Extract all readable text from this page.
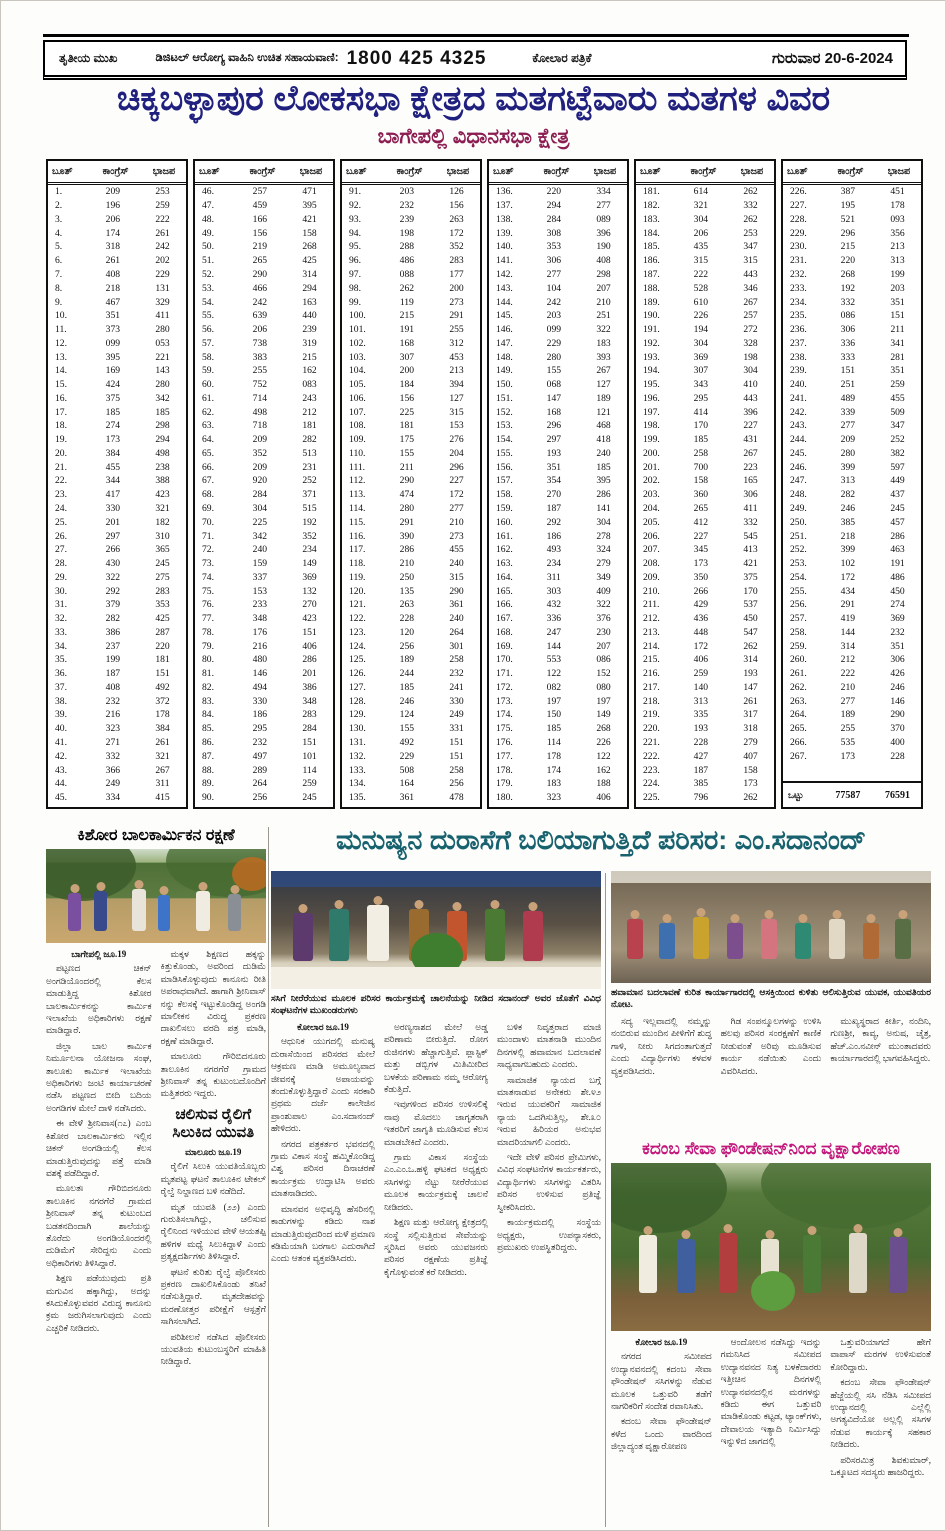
ತೃತೀಯ ಮುಖ	ಡಿಜಿಟಲ್ ಆರೋಗ್ಯ ವಾಹಿನಿ ಉಚಿತ ಸಹಾಯವಾಣಿ: 1800 425 4325	ಕೋಲಾರ ಪತ್ರಿಕೆ	ಗುರುವಾರ 20-6-2024
ಚಿಕ್ಕಬಳ್ಳಾಪುರ ಲೋಕಸಭಾ ಕ್ಷೇತ್ರದ ಮತಗಟ್ಟೆವಾರು ಮತಗಳ ವಿವರ
ಬಾಗೇಪಲ್ಲಿ ವಿಧಾನಸಭಾ ಕ್ಷೇತ್ರ
ಬೂತ್	ಕಾಂಗ್ರೆಸ್	ಭಾಜಪ
1.	209	253
2.	196	259
3.	206	222
4.	174	261
5.	318	242
6.	261	202
7.	408	229
8.	218	131
9.	467	329
10.	351	411
11.	373	280
12.	099	053
13.	395	221
14.	169	143
15.	424	280
16.	375	342
17.	185	185
18.	274	298
19.	173	294
20.	384	498
21.	455	238
22.	344	388
23.	417	423
24.	330	321
25.	201	182
26.	297	310
27.	266	365
28.	430	245
29.	322	275
30.	292	283
31.	379	353
32.	282	425
33.	386	287
34.	237	220
35.	199	181
36.	187	151
37.	408	492
38.	232	372
39.	216	178
40.	323	384
41.	271	261
42.	332	321
43.	366	267
44.	249	311
45.	334	415
ಬೂತ್	ಕಾಂಗ್ರೆಸ್	ಭಾಜಪ
46.	257	471
47.	459	395
48.	166	421
49.	156	158
50.	219	268
51.	265	425
52.	290	314
53.	466	294
54.	242	163
55.	639	440
56.	206	239
57.	738	319
58.	383	215
59.	255	162
60.	752	083
61.	714	243
62.	498	212
63.	718	181
64.	209	282
65.	352	513
66.	209	231
67.	920	252
68.	284	371
69.	304	515
70.	225	192
71.	342	352
72.	240	234
73.	159	149
74.	337	369
75.	153	132
76.	233	270
77.	348	423
78.	176	151
79.	216	406
80.	480	286
81.	146	201
82.	494	386
83.	330	348
84.	186	283
85.	295	284
86.	232	151
87.	497	101
88.	289	114
89.	264	259
90.	256	245
ಬೂತ್	ಕಾಂಗ್ರೆಸ್	ಭಾಜಪ
91.	203	126
92.	232	156
93.	239	263
94.	198	172
95.	288	352
96.	486	283
97.	088	177
98.	262	200
99.	119	273
100.	215	291
101.	191	255
102.	168	312
103.	307	453
104.	200	213
105.	184	394
106.	156	127
107.	225	315
108.	181	153
109.	175	276
110.	155	204
111.	211	296
112.	290	227
113.	474	172
114.	280	277
115.	291	210
116.	390	273
117.	286	455
118.	210	240
119.	250	315
120.	135	290
121.	263	361
122.	228	240
123.	120	264
124.	256	301
125.	189	258
126.	244	232
127.	185	241
128.	246	330
129.	124	249
130.	155	331
131.	492	151
132.	229	151
133.	508	258
134.	164	256
135.	361	478
ಬೂತ್	ಕಾಂಗ್ರೆಸ್	ಭಾಜಪ
136.	220	334
137.	294	277
138.	284	089
139.	308	396
140.	353	190
141.	306	408
142.	277	298
143.	104	207
144.	242	210
145.	203	251
146.	099	322
147.	229	183
148.	280	393
149.	155	267
150.	068	127
151.	147	189
152.	168	121
153.	296	468
154.	297	418
155.	193	240
156.	351	185
157.	354	395
158.	270	286
159.	187	141
160.	292	304
161.	186	278
162.	493	324
163.	234	279
164.	311	349
165.	303	409
166.	432	322
167.	336	376
168.	247	230
169.	144	207
170.	553	086
171.	122	152
172.	082	080
173.	197	197
174.	150	149
175.	185	268
176.	114	226
177.	178	122
178.	174	162
179.	183	188
180.	323	406
ಬೂತ್	ಕಾಂಗ್ರೆಸ್	ಭಾಜಪ
181.	614	262
182.	321	332
183.	304	262
184.	206	253
185.	435	347
186.	315	315
187.	222	443
188.	528	346
189.	610	267
190.	226	257
191.	194	272
192.	304	328
193.	369	198
194.	307	304
195.	343	410
196.	295	443
197.	414	396
198.	170	227
199.	185	431
200.	258	267
201.	700	223
202.	158	165
203.	360	306
204.	265	411
205.	412	332
206.	227	545
207.	345	413
208.	173	421
209.	350	375
210.	266	170
211.	429	537
212.	436	450
213.	448	547
214.	172	262
215.	406	314
216.	259	193
217.	140	147
218.	313	261
219.	335	317
220.	193	318
221.	228	279
222.	427	407
223.	187	158
224.	385	173
225.	796	262
ಬೂತ್	ಕಾಂಗ್ರೆಸ್	ಭಾಜಪ
226.	387	451
227.	195	178
228.	521	093
229.	296	356
230.	215	213
231.	220	313
232.	268	199
233.	192	203
234.	332	351
235.	086	151
236.	306	211
237.	336	341
238.	333	281
239.	151	351
240.	251	259
241.	489	455
242.	339	509
243.	277	347
244.	209	252
245.	280	382
246.	399	597
247.	313	449
248.	282	437
249.	246	245
250.	385	457
251.	218	286
252.	399	463
253.	102	191
254.	172	486
255.	434	450
256.	291	274
257.	419	369
258.	144	232
259.	314	351
260.	212	306
261.	222	426
262.	210	246
263.	277	146
264.	189	290
265.	255	370
266.	535	400
267.	173	228
ಒಟ್ಟು	77587	76591
ಕಿಶೋರ ಬಾಲಕಾರ್ಮಿಕನ ರಕ್ಷಣೆ

ಬಾಗೇಪಲ್ಲಿ ಜೂ.19

ಪಟ್ಟಣದ ಚಿಕನ್ ಅಂಗಡಿಯೊಂದರಲ್ಲಿ ಕೆಲಸ ಮಾಡುತ್ತಿದ್ದ ಕಿಶೋರ ಬಾಲಕಾರ್ಮಿಕನನ್ನು ಕಾರ್ಮಿಕ ಇಲಾಖೆಯ ಅಧಿಕಾರಿಗಳು ರಕ್ಷಣೆ ಮಾಡಿದ್ದಾರೆ.

ಜಿಲ್ಲಾ ಬಾಲ ಕಾರ್ಮಿಕ ನಿರ್ಮೂಲನಾ ಯೋಜನಾ ಸಂಘ, ತಾಲೂಕು ಕಾರ್ಮಿಕ ಇಲಾಖೆಯ ಅಧಿಕಾರಿಗಳು ಜಂಟಿ ಕಾರ್ಯಾಚರಣೆ ನಡೆಸಿ ಪಟ್ಟಣದ ಬೀದಿ ಬದಿಯ ಅಂಗಡಿಗಳ ಮೇಲೆ ದಾಳಿ ನಡೆಸಿದರು.

ಈ ವೇಳೆ ಶ್ರೀನಿವಾಸ(೧೭) ಎಂಬ ಕಿಶೋರ ಬಾಲಕಾರ್ಮಿಕನು ಇಲ್ಲಿನ ಚಿಕನ್ ಅಂಗಡಿಯಲ್ಲಿ ಕೆಲಸ ಮಾಡುತ್ತಿರುವುದನ್ನು ಪತ್ತೆ ಮಾಡಿ ವಶಕ್ಕೆ ಪಡೆದಿದ್ದಾರೆ.

ಮೂಲತಃ ಗೌರಿಬಿದನೂರು ತಾಲೂಕಿನ ನಗರಗೆರೆ ಗ್ರಾಮದ ಶ್ರೀನಿವಾಸ್ ತನ್ನ ಕುಟುಂಬದ ಬಡತನದಿಂದಾಗಿ ಶಾಲೆಯನ್ನು ತೊರೆದು ಅಂಗಡಿಯೊಂದರಲ್ಲಿ ದುಡಿಮೆಗೆ ಸೇರಿದ್ದನು ಎಂದು ಅಧಿಕಾರಿಗಳು ತಿಳಿಸಿದ್ದಾರೆ.

ಶಿಕ್ಷಣ ಪಡೆಯುವುದು ಪ್ರತಿ ಮಗುವಿನ ಹಕ್ಕಾಗಿದ್ದು, ಅದನ್ನು ಕಸಿದುಕೊಳ್ಳುವವರ ವಿರುದ್ಧ ಕಾನೂನು ಕ್ರಮ ಜರುಗಿಸಲಾಗುವುದು ಎಂದು ಎಚ್ಚರಿಕೆ ನೀಡಿದರು.

ಮಕ್ಕಳ ಶಿಕ್ಷಣದ ಹಕ್ಕನ್ನು ಕಿತ್ತುಕೊಂಡು, ಅವರಿಂದ ದುಡಿಮೆ ಮಾಡಿಸಿಕೊಳ್ಳುವುದು ಕಾನೂನು ರೀತಿ ಅಪರಾಧವಾಗಿದೆ. ಹಾಗಾಗಿ ಶ್ರೀನಿವಾಸ್ ನನ್ನು ಕೆಲಸಕ್ಕೆ ಇಟ್ಟುಕೊಂಡಿದ್ದ ಅಂಗಡಿ ಮಾಲೀಕನ ವಿರುದ್ಧ ಪ್ರಕರಣ ದಾಖಲಿಸಲು ವರದಿ ಪತ್ರ ಮಾಡಿ, ರಕ್ಷಣೆ ಮಾಡಿದ್ದಾರೆ.

ಮಾಲೂರು ಗೌರಿಬಿದನೂರು ತಾಲೂಕಿನ ನಗರಗೆರೆ ಗ್ರಾಮದ ಶ್ರೀನಿವಾಸ್ ತನ್ನ ಕುಟುಂಬದೊಂದಿಗೆ ಮತ್ತಿತರರು ಇದ್ದರು.

ಚಲಿಸುವ ರೈಲಿಗೆ ಸಿಲುಕಿದ ಯುವತಿ

ಮಾಲೂರು ಜೂ.19

ರೈಲಿಗೆ ಸಿಲುಕಿ ಯುವತಿಯೊಬ್ಬರು ಮೃತಪಟ್ಟ ಘಟನೆ ತಾಲೂಕಿನ ಟೇಕಲ್ ರೈಲ್ವೆ ನಿಲ್ದಾಣದ ಬಳಿ ನಡೆದಿದೆ.

ಮೃತ ಯುವತಿ (೨೨) ಎಂದು ಗುರುತಿಸಲಾಗಿದ್ದು, ಚಲಿಸುವ ರೈಲಿನಿಂದ ಇಳಿಯುವ ವೇಳೆ ಆಯತಪ್ಪಿ ಹಳಿಗಳ ಮಧ್ಯೆ ಸಿಲುಕಿದ್ದಾಳೆ ಎಂದು ಪ್ರತ್ಯಕ್ಷದರ್ಶಿಗಳು ತಿಳಿಸಿದ್ದಾರೆ.

ಘಟನೆ ಕುರಿತು ರೈಲ್ವೆ ಪೊಲೀಸರು ಪ್ರಕರಣ ದಾಖಲಿಸಿಕೊಂಡು ತನಿಖೆ ನಡೆಸುತ್ತಿದ್ದಾರೆ. ಮೃತದೇಹವನ್ನು ಮರಣೋತ್ತರ ಪರೀಕ್ಷೆಗೆ ಆಸ್ಪತ್ರೆಗೆ ಸಾಗಿಸಲಾಗಿದೆ.

ಪರಿಶೀಲನೆ ನಡೆಸಿದ ಪೊಲೀಸರು ಯುವತಿಯ ಕುಟುಂಬಸ್ಥರಿಗೆ ಮಾಹಿತಿ ನೀಡಿದ್ದಾರೆ.

ಮನುಷ್ಯನ ದುರಾಸೆಗೆ ಬಲಿಯಾಗುತ್ತಿದೆ ಪರಿಸರ: ಎಂ.ಸದಾನಂದ್
ಸಸಿಗೆ ನೀರೆರೆಯುವ ಮೂಲಕ ಪರಿಸರ ಕಾರ್ಯಕ್ರಮಕ್ಕೆ ಚಾಲನೆಯನ್ನು ನೀಡಿದ ಸದಾನಂದ್ ಅವರ ಜೊತೆಗೆ ವಿವಿಧ ಸಂಘಟನೆಗಳ ಮುಖಂಡರುಗಳು

ಕೋಲಾರ ಜೂ.19

ಆಧುನಿಕ ಯುಗದಲ್ಲಿ ಮನುಷ್ಯ ದುರಾಸೆಯಿಂದ ಪರಿಸರದ ಮೇಲೆ ಆಕ್ರಮಣ ಮಾಡಿ ಅಮೂಲ್ಯವಾದ ಜೀವನಕ್ಕೆ ಅಪಾಯವನ್ನು ತಂದುಕೊಳ್ಳುತ್ತಿದ್ದಾರೆ ಎಂದು ಸರಕಾರಿ ಪ್ರಥಮ ದರ್ಜೆ ಕಾಲೇಜಿನ ಪ್ರಾಂಶುಪಾಲ ಎಂ.ಸದಾನಂದ್ ಹೇಳಿದರು.

ನಗರದ ಪತ್ರಕರ್ತರ ಭವನದಲ್ಲಿ ಗ್ರಾಮ ವಿಕಾಸ ಸಂಸ್ಥೆ ಹಮ್ಮಿಕೊಂಡಿದ್ದ ವಿಶ್ವ ಪರಿಸರ ದಿನಾಚರಣೆ ಕಾರ್ಯಕ್ರಮ ಉದ್ಘಾಟಿಸಿ ಅವರು ಮಾತನಾಡಿದರು.

ಮಾನವನ ಅಭಿವೃದ್ಧಿ ಹೆಸರಿನಲ್ಲಿ ಕಾಡುಗಳನ್ನು ಕಡಿದು ನಾಶ ಮಾಡುತ್ತಿರುವುದರಿಂದ ಮಳೆ ಪ್ರಮಾಣ ಕಡಿಮೆಯಾಗಿ ಬರಗಾಲ ಎದುರಾಗಿದೆ ಎಂದು ಆತಂಕ ವ್ಯಕ್ತಪಡಿಸಿದರು.

ಅರಣ್ಯನಾಶದ ಮೇಲೆ ಅಡ್ಡ ಪರಿಣಾಮ ಬೀರುತ್ತಿದೆ. ರೋಗ ರುಜಿನಗಳು ಹೆಚ್ಚಾಗುತ್ತಿವೆ. ಪ್ಲಾಸ್ಟಿಕ್ ಮತ್ತು ಡಬ್ಬಿಗಳ ಮಿತಿಮೀರಿದ ಬಳಕೆಯ ಪರಿಣಾಮ ನಮ್ಮ ಆರೋಗ್ಯ ಕೆಡುತ್ತಿದೆ.

ಇವುಗಳಿಂದ ಪರಿಸರ ಉಳಿಸಲಿಕ್ಕೆ ನಾವು ಮೊದಲು ಜಾಗೃತರಾಗಿ ಇತರರಿಗೆ ಜಾಗೃತಿ ಮೂಡಿಸುವ ಕೆಲಸ ಮಾಡಬೇಕಿದೆ ಎಂದರು.

ಗ್ರಾಮ ವಿಕಾಸ ಸಂಸ್ಥೆಯ ಎಂ.ಎಂ.ಒ.ಹಳ್ಳಿ ಘಟಕದ ಅಧ್ಯಕ್ಷರು ಸಸಿಗಳನ್ನು ನೆಟ್ಟು ನೀರೆರೆಯುವ ಮೂಲಕ ಕಾರ್ಯಕ್ರಮಕ್ಕೆ ಚಾಲನೆ ನೀಡಿದರು.

ಶಿಕ್ಷಣ ಮತ್ತು ಆರೋಗ್ಯ ಕ್ಷೇತ್ರದಲ್ಲಿ ಸಂಸ್ಥೆ ಸಲ್ಲಿಸುತ್ತಿರುವ ಸೇವೆಯನ್ನು ಸ್ಮರಿಸಿದ ಅವರು ಯುವಜನರು ಪರಿಸರ ರಕ್ಷಣೆಯ ಪ್ರತಿಜ್ಞೆ ಕೈಗೊಳ್ಳುವಂತೆ ಕರೆ ನೀಡಿದರು.

ಬಳಿಕ ನಿವೃತ್ತರಾದ ಮಾಜಿ ಮುಂದಾಳು ಮಾತನಾಡಿ ಮುಂದಿನ ದಿನಗಳಲ್ಲಿ ಹವಾಮಾನ ಬದಲಾವಣೆ ಸಾಧ್ಯವಾಗಬಹುದು ಎಂದರು.

ಸಾಮಾಜಿಕ ನ್ಯಾಯದ ಬಗ್ಗೆ ಮಾತನಾಡುವ ಅನೇಕರು ಶೇ.೪೨ ಇರುವ ಯುವಕರಿಗೆ ಸಾಮಾಜಿಕ ನ್ಯಾಯ ಒದಗಿಸುತ್ತಿಲ್ಲ, ಶೇ.೩೦ ಇರುವ ಹಿರಿಯರ ಅನುಭವ ಮಾದರಿಯಾಗಲಿ ಎಂದರು.

ಇದೇ ವೇಳೆ ಪರಿಸರ ಪ್ರೇಮಿಗಳು, ವಿವಿಧ ಸಂಘಟನೆಗಳ ಕಾರ್ಯಕರ್ತರು, ವಿದ್ಯಾರ್ಥಿಗಳು ಸಸಿಗಳನ್ನು ವಿತರಿಸಿ ಪರಿಸರ ಉಳಿಸುವ ಪ್ರತಿಜ್ಞೆ ಸ್ವೀಕರಿಸಿದರು.

ಕಾರ್ಯಕ್ರಮದಲ್ಲಿ ಸಂಸ್ಥೆಯ ಅಧ್ಯಕ್ಷರು, ಉಪನ್ಯಾಸಕರು, ಪ್ರಮುಖರು ಉಪಸ್ಥಿತರಿದ್ದರು.

ಹವಾಮಾನ ಬದಲಾವಣೆ ಕುರಿತ ಕಾರ್ಯಾಗಾರದಲ್ಲಿ ಆಸಕ್ತಿಯಿಂದ ಕುಳಿತು ಆಲಿಸುತ್ತಿರುವ ಯುವಕ, ಯುವತಿಯರ ನೋಟ.

ಸದ್ಯ ಇಲ್ಲವಾದಲ್ಲಿ ನಮ್ಮನ್ನು ನಂಬಿರುವ ಮುಂದಿನ ಪೀಳಿಗೆಗೆ ಶುದ್ಧ ಗಾಳಿ, ನೀರು ಸಿಗದಂತಾಗುತ್ತದೆ ಎಂದು ವಿದ್ಯಾರ್ಥಿಗಳು ಕಳವಳ ವ್ಯಕ್ತಪಡಿಸಿದರು.

ಗಿಡ ಸಂಪನ್ಮೂಲಗಳನ್ನು ಉಳಿಸಿ ಹಲವು ಪರಿಸರ ಸಂರಕ್ಷಣೆಗೆ ಕಾಣಿಕೆ ನೀಡುವಂತೆ ಅರಿವು ಮೂಡಿಸುವ ಕಾರ್ಯ ನಡೆಯಿತು ಎಂದು ವಿವರಿಸಿದರು.

ಮುಖ್ಯಸ್ಥರಾದ ಕೀರ್ತಿ, ನಂದಿನಿ, ಗುಣಶ್ರೀ, ಕಾವ್ಯ, ಅನುಷ, ಚೈತ್ರ, ಹೆಚ್.ಎಂ.ನವೀನ್ ಮುಂತಾದವರು ಕಾರ್ಯಾಗಾರದಲ್ಲಿ ಭಾಗವಹಿಸಿದ್ದರು.

ಕದಂಬ ಸೇವಾ ಫೌಂಡೇಷನ್‌ನಿಂದ ವೃಕ್ಷಾರೋಪಣ

ಕೋಲಾರ ಜೂ.19

ನಗರದ ಸಮೀಪದ ಉದ್ಯಾನವನದಲ್ಲಿ ಕದಂಬ ಸೇವಾ ಫೌಂಡೇಷನ್ ಸಸಿಗಳನ್ನು ನೆಡುವ ಮೂಲಕ ಒತ್ತುವರಿ ತಡೆಗೆ ನಾಗರಿಕರಿಗೆ ಸಂದೇಶ ರವಾನಿಸಿತು.

ಕದಂಬ ಸೇವಾ ಫೌಂಡೇಷನ್ ಕಳೆದ ಒಂದು ವಾರದಿಂದ ಜಿಲ್ಲಾದ್ಯಂತ ವೃಕ್ಷಾರೋಪಣ

ಆಂದೋಲನ ನಡೆಸಿದ್ದು ಇದನ್ನು ಗಮನಿಸಿದ ಸಮೀಪದ ಉದ್ಯಾನವನದ ನಿತ್ಯ ಬಳಕೆದಾರರು ಇತ್ತೀಚಿನ ದಿನಗಳಲ್ಲಿ ಉದ್ಯಾನವನದಲ್ಲಿನ ಮರಗಳನ್ನು ಕಡಿದು ಈಗ ಒತ್ತುವರಿ ಮಾಡಿಕೊಂಡು ಕಟ್ಟಡ, ಟ್ಯಾಂಕ್‌ಗಳು, ದೇವಾಲಯ ಇತ್ಯಾದಿ ನಿರ್ಮಿಸಿದ್ದು ಇನ್ನುಳಿದ ಜಾಗದಲ್ಲಿ

ಒತ್ತುವರಿಯಾಗದೆ ಹೇಗೆ ವಾಪಾಸ್ ಮರಗಳ ಉಳಿಸುವಂತೆ ಕೋರಿದ್ದಾರು.

ಕದಂಬ ಸೇವಾ ಫೌಂಡೇಷನ್ ಹೆಜ್ಜೆಯಲ್ಲಿ ಸಸಿ ನೆಡಿಸಿ ಸಮೀಪದ ಉದ್ಯಾನದಲ್ಲಿ ಎಲ್ಲೆಲ್ಲಿ ಅಗತ್ಯವಿದೆಯೋ ಅಲ್ಲಲ್ಲಿ ಸಸಿಗಳ ನೆಡುವ ಕಾರ್ಯಕ್ಕೆ ಸಹಕಾರ ನೀಡಿದರು.

ಪರಿಸರಮಿತ್ರ ಶಿವಕುಮಾರ್, ಒಕ್ಕೂಟದ ಸದಸ್ಯರು ಹಾಜರಿದ್ದರು.
